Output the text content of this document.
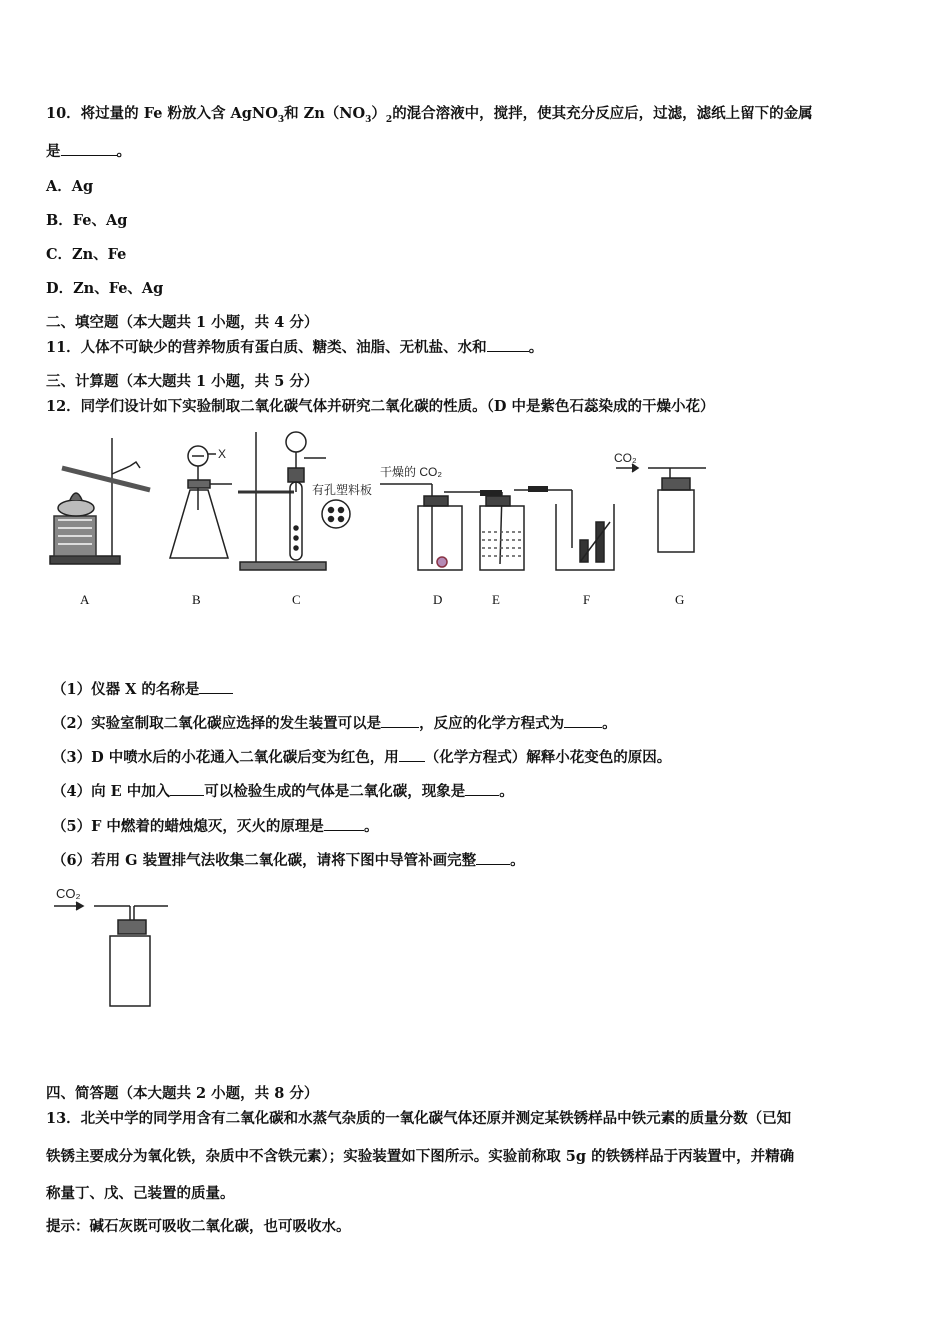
10．将过量的 Fe 粉放入含 AgNO$_3$和 $Zn(NO_3)_2$的混合溶液中，搅拌，使其充分反应后，过滤，滤纸上留下的金属
是	。
A．Ag
B．Fe、Ag
C．Zn、Fe
D．Zn、Fe、Ag
二、填空题（本大题共 1 小题，共 4 分）
11．人体不可缺少的营养物质有蛋白质、糖类、油脂、无机盐、水和	。
三、计算题（本大题共 1 小题，共 5 分）
12．同学们设计如下实验制取二氧化碳气体并研究二氧化碳的性质。（D 中是紫色石蕊染成的干燥小花）
X
干燥的 CO₂
有孔塑料板
CO₂
A	B	C	D	E	F	G
（1）仪器 X 的名称是
（2）实验室制取二氧化碳应选择的发生装置可以是	，反应的化学方程式为	。
（3）D 中喷水后的小花通入二氧化碳后变为红色，用 （化学方程式）解释小花变色的原因。
（4）向 E 中加入 可以检验生成的气体是二氧化碳，现象是 。
（5）F 中燃着的蜡烛熄灭，灭火的原理是	。
（6）若用 G 装置排气法收集二氧化碳，请将下图中导管补画完整 。
CO₂
四、简答题（本大题共 2 小题，共 8 分）
13．北关中学的同学用含有二氧化碳和水蒸气杂质的一氧化碳气体还原并测定某铁锈样品中铁元素的质量分数（已知
铁锈主要成分为氧化铁，杂质中不含铁元素）；实验装置如下图所示。实验前称取 5g 的铁锈样品于丙装置中，并精确
称量丁、戊、己装置的质量。
提示：碱石灰既可吸收二氧化碳，也可吸收水。
